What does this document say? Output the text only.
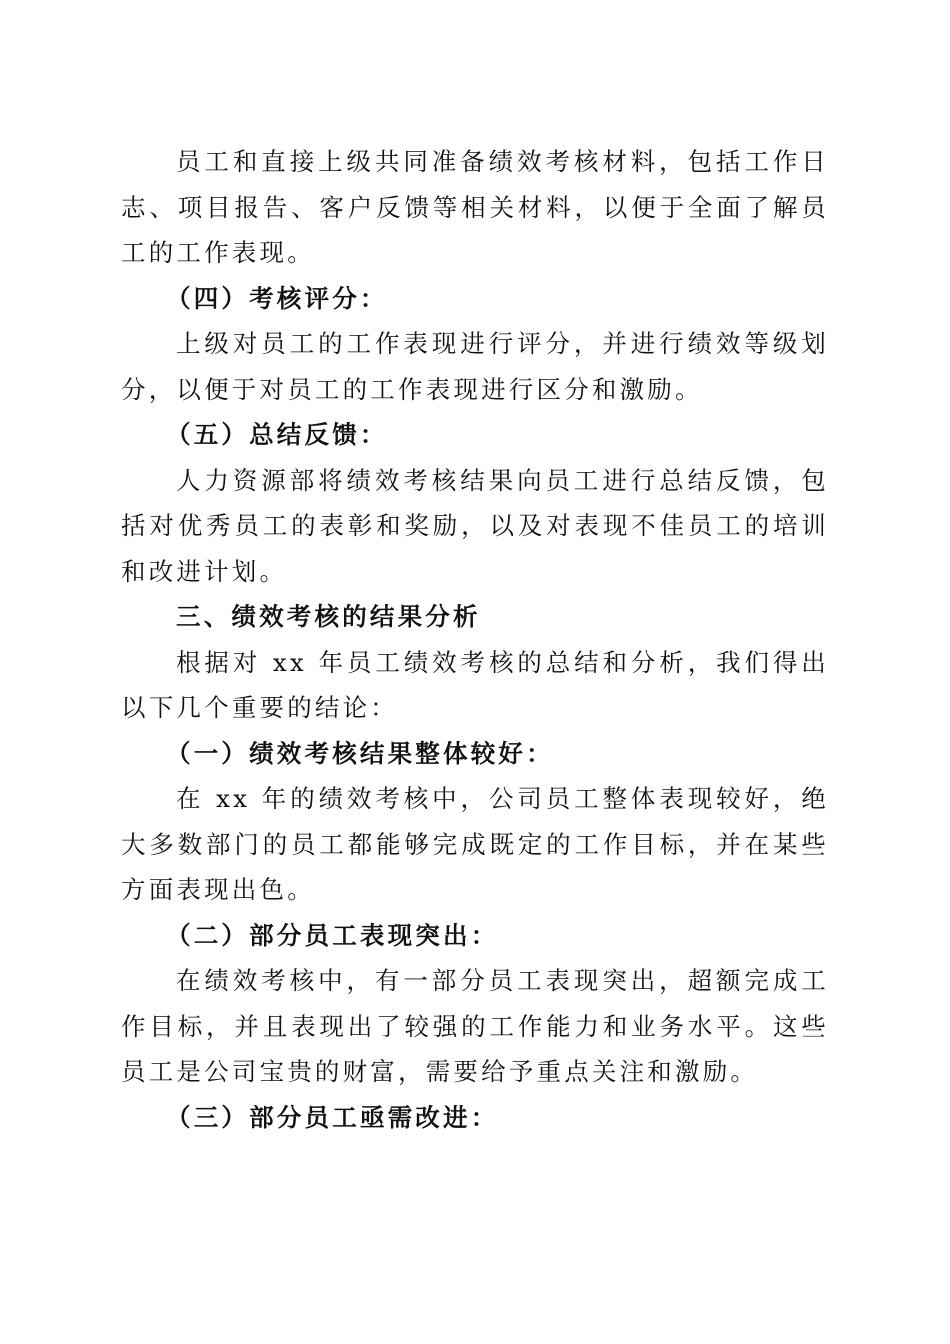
员工和直接上级共同准备绩效考核材料，包括工作日志、项目报告、客户反馈等相关材料，以便于全面了解员工的工作表现。

（四）考核评分：

上级对员工的工作表现进行评分，并进行绩效等级划分，以便于对员工的工作表现进行区分和激励。

（五）总结反馈：

人力资源部将绩效考核结果向员工进行总结反馈，包括对优秀员工的表彰和奖励，以及对表现不佳员工的培训和改进计划。

三、绩效考核的结果分析

根据对 xx 年员工绩效考核的总结和分析，我们得出以下几个重要的结论：

（一）绩效考核结果整体较好：

在 xx 年的绩效考核中，公司员工整体表现较好，绝大多数部门的员工都能够完成既定的工作目标，并在某些方面表现出色。

（二）部分员工表现突出：

在绩效考核中，有一部分员工表现突出，超额完成工作目标，并且表现出了较强的工作能力和业务水平。这些员工是公司宝贵的财富，需要给予重点关注和激励。

（三）部分员工亟需改进：
